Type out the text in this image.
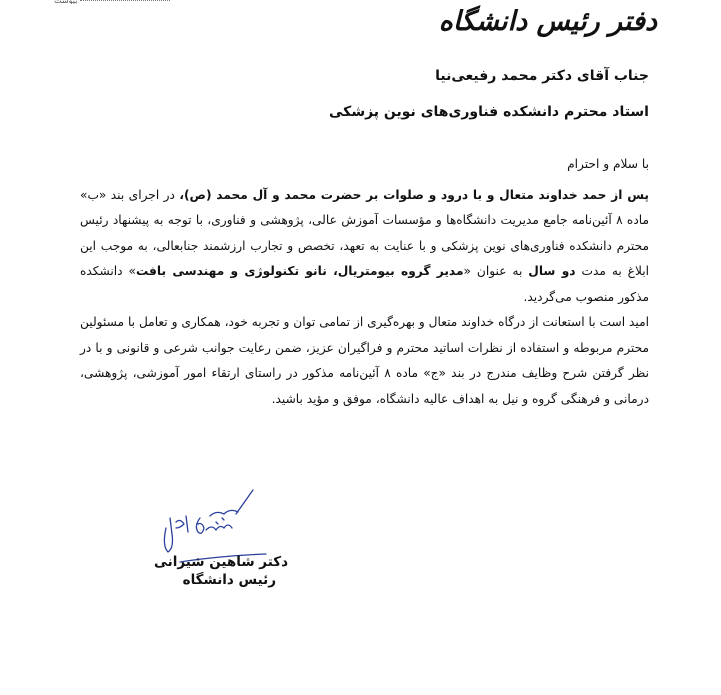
دفتر رئیس دانشگاه
جناب آقای دکتر محمد رفیعی‌نیا
استاد محترم دانشکده فناوری‌های نوین پزشکی

با سلام و احترام

پس از حمد خداوند متعال و با درود و صلوات بر حضرت محمد و آل محمد (ص)، در اجرای بند «ب» ماده ۸ آئین‌نامه جامع مدیریت دانشگاه‌ها و مؤسسات آموزش عالی، پژوهشی و فناوری، با توجه به پیشنهاد رئیس محترم دانشکده فناوری‌های نوین پزشکی و با عنایت به تعهد، تخصص و تجارب ارزشمند جنابعالی، به موجب این ابلاغ به مدت دو سال به عنوان «مدیر گروه بیومتریال، نانو تکنولوژی و مهندسی بافت» دانشکده مذکور منصوب می‌گردید.

امید است با استعانت از درگاه خداوند متعال و بهره‌گیری از تمامی توان و تجربه خود، همکاری و تعامل با مسئولین محترم مربوطه و استفاده از نظرات اساتید محترم و فراگیران عزیز، ضمن رعایت جوانب شرعی و قانونی و با در نظر گرفتن شرح وظایف مندرج در بند «ج» ماده ۸ آئین‌نامه مذکور در راستای ارتقاء امور آموزشی، پژوهشی، درمانی و فرهنگی گروه و نیل به اهداف عالیه دانشگاه، موفق و مؤید باشید.

دکتر شاهین شیرانی
رئیس دانشگاه
